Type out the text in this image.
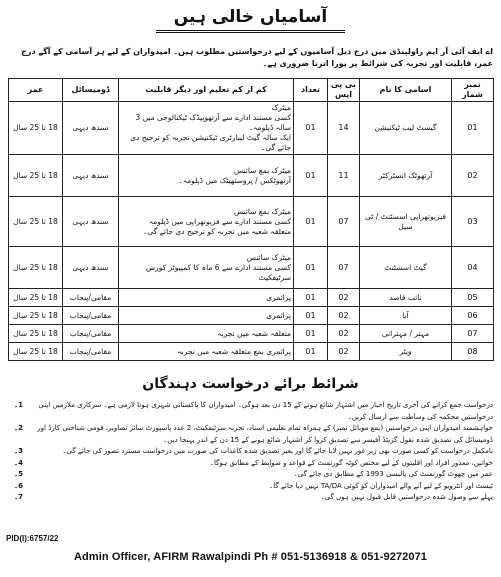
آسامیاں خالی ہیں
اے ایف آئی آر ایم راولپنڈی میں درج ذیل آسامیوں کے لیے درخواستیں مطلوب ہیں۔ امیدواران کے لیے ہر آسامی کے آگے درج عمر، قابلیت اور تجربہ کی شرائط پر پورا اترنا ضروری ہے۔
نمبر شمار	اسامی کا نام	بی پی ایس	تعداد	کم از کم تعلیم اور دیگر قابلیت	ڈومیسائل	عمر
01	گیسٹ لیب ٹیکنیشن	14	01	میٹرک
کسی مستند ادارے سے آرتھوپیڈک ٹیکنالوجی میں 3 سالہ ڈپلومہ۔
ایک سالہ گیٹ لیبارٹری ٹیکنیشن تجربہ کو ترجیح دی جائے گی۔	سندھ دیہی	18 تا 25 سال
02	آرتھوٹک انسٹرکٹر	11	01	میٹرک بمع سائنس
آرتھوٹکس / پروستھیٹک میں ڈپلومہ۔	سندھ دیہی	18 تا 25 سال
03	فیزیوتھراپی اسسٹنٹ / ٹی سیل	07	01	میٹرک بمع سائنس
کسی مستند ادارے سے فزیوتھراپی میں ڈپلومہ
متعلقہ شعبہ میں تجربہ کو ترجیح دی جائے گی۔	سندھ دیہی	18 تا 25 سال
04	گیٹ اسسٹنٹ	07	01	میٹرک سائنس
کسی مستند ادارے سے 6 ماہ کا کمپیوٹر کورس سرٹیفکیٹ	سندھ دیہی	18 تا 25 سال
05	نائب قاصد	02	01	پرائمری	مقامی/پنجاب	18 تا 25 سال
06	آیا	02	01	پرائمری	مقامی/پنجاب	18 تا 25 سال
07	مہتر / مہترانی	02	01	متعلقہ شعبہ میں تجربہ	مقامی/پنجاب	18 تا 25 سال
08	ویٹر	02	01	پرائمری بمع متعلقہ شعبہ میں تجربہ	مقامی/پنجاب	18 تا 25 سال
شرائط برائے درخواست دہندگان
درخواست جمع کرانے کی آخری تاریخ اخبار میں اشتہار شائع ہونے کے 15 دن بعد ہوگی۔ امیدواران کا پاکستانی شہری ہونا لازمی ہے۔ سرکاری ملازمین اپنی درخواستیں محکمہ کی وساطت سے ارسال کریں۔
1۔
خواہشمند امیدواران اپنی درخواستیں (بمع موبائل نمبر) کے ہمراہ تمام تعلیمی اسناد، تجربہ سرٹیفکیٹ، 2 عدد پاسپورٹ سائز تصاویر، قومی شناختی کارڈ اور ڈومیسائل کی تصدیق شدہ نقول گزیٹڈ آفیسر سے تصدیق کروا کر اشتہار شائع ہونے کے 15 دن کے اندر پہنچا دیں۔
2۔
نامکمل درخواست کو کسی صورت بھی زیر غور نہیں لایا جائے گا اور بغیر تصدیق شدہ کاغذات کی صورت میں درخواست مسترد تصور کی جائے گی۔
3۔
خواتین، معذور افراد اور اقلیتوں کے لیے مختص کوٹہ گورنمنٹ کے قواعد و ضوابط کے مطابق ہوگا۔
4۔
عمر میں چھوٹ گورنمنٹ کی پالیسی 1993 کے مطابق دی جائے گی۔
5۔
ٹیسٹ اور انٹرویو کے لیے آنے والے امیدواران کو کوئی TA/DA نہیں دیا جائے گا۔
6۔
پہلے سے وصول شدہ درخواستیں قابل قبول نہیں ہوں گی۔
7۔
PID(I):6757/22
Admin Officer, AFIRM Rawalpindi Ph # 051-5136918 & 051-9272071
